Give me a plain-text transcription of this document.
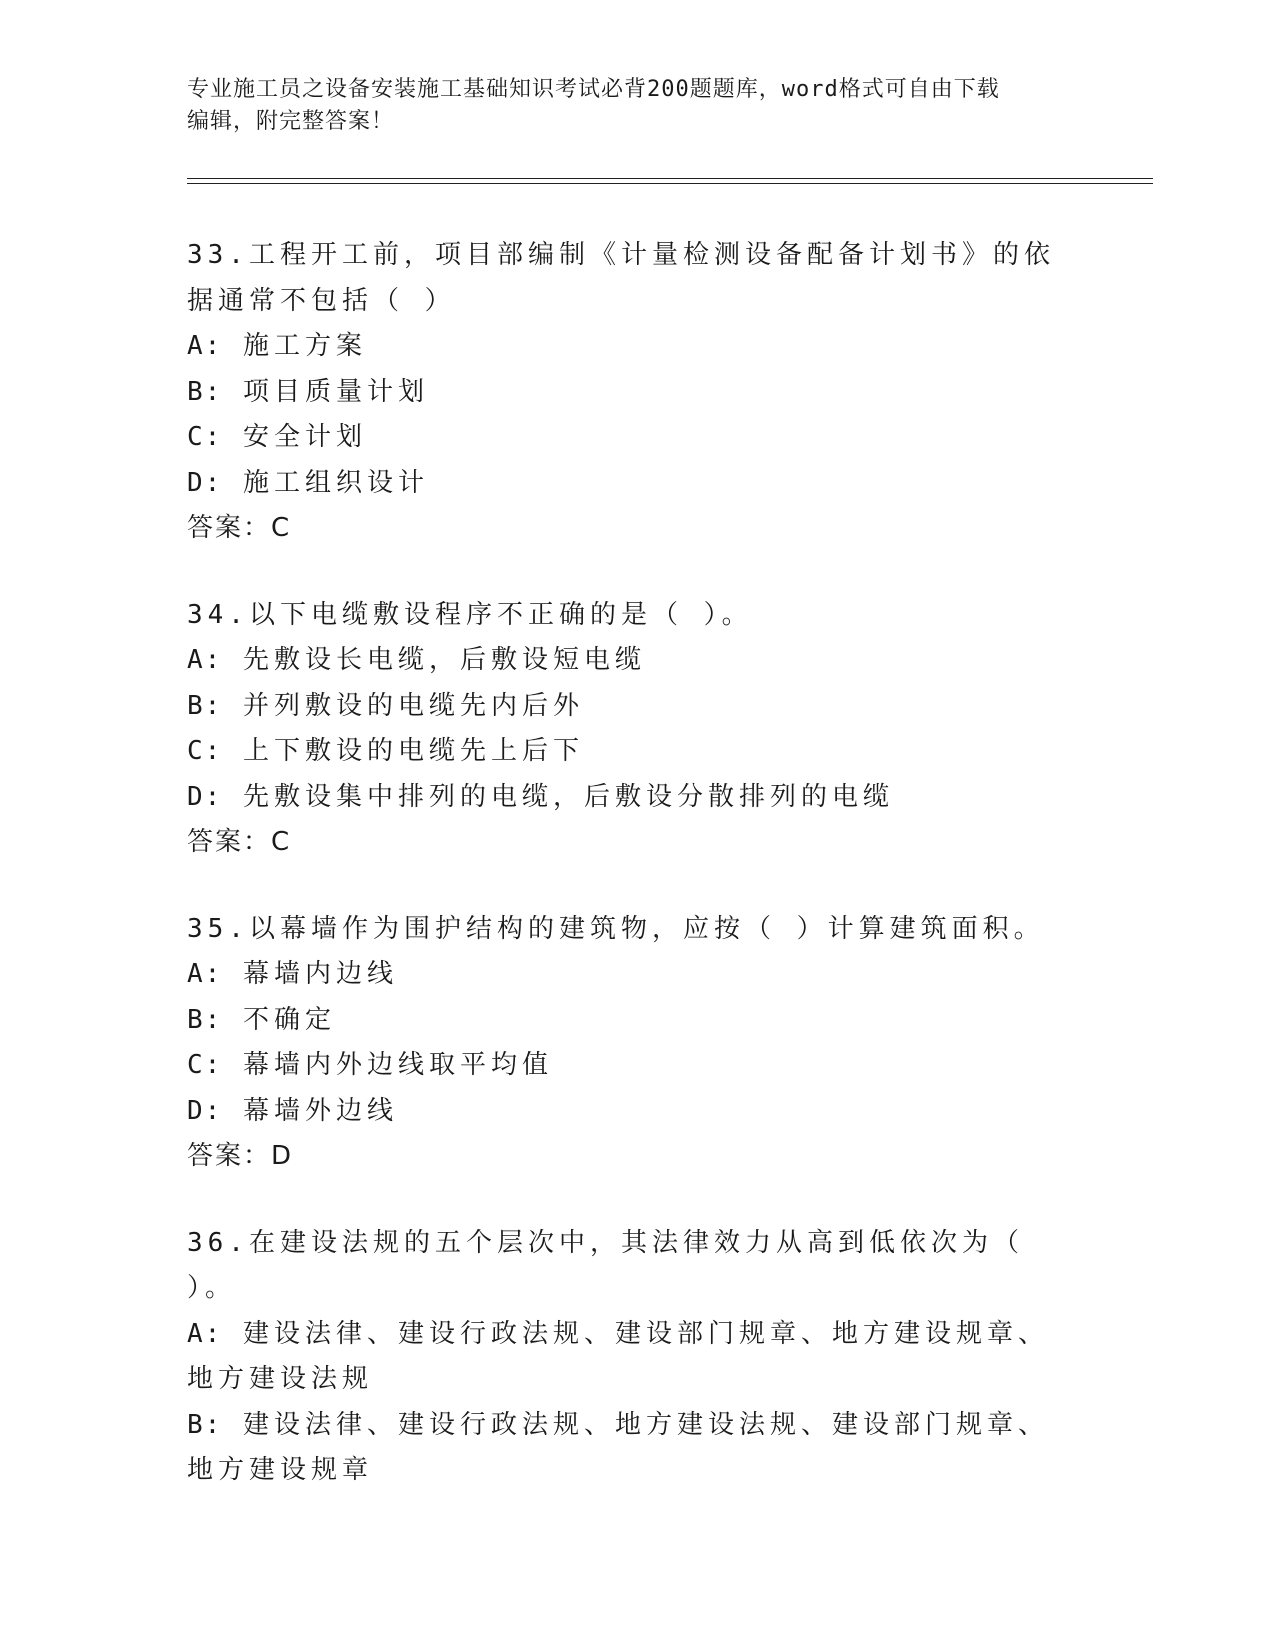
专业施工员之设备安装施工基础知识考试必背200题题库，word格式可自由下载
编辑，附完整答案！
33.工程开工前，项目部编制《计量检测设备配备计划书》的依据通常不包括（ ）
A: 施工方案
B: 项目质量计划
C: 安全计划
D: 施工组织设计
答案：C
34.以下电缆敷设程序不正确的是（ ）。
A: 先敷设长电缆，后敷设短电缆
B: 并列敷设的电缆先内后外
C: 上下敷设的电缆先上后下
D: 先敷设集中排列的电缆，后敷设分散排列的电缆
答案：C
35.以幕墙作为围护结构的建筑物，应按（ ）计算建筑面积。
A: 幕墙内边线
B: 不确定
C: 幕墙内外边线取平均值
D: 幕墙外边线
答案：D
36.在建设法规的五个层次中，其法律效力从高到低依次为（ ）。
A: 建设法律、建设行政法规、建设部门规章、地方建设规章、地方建设法规
B: 建设法律、建设行政法规、地方建设法规、建设部门规章、地方建设规章
